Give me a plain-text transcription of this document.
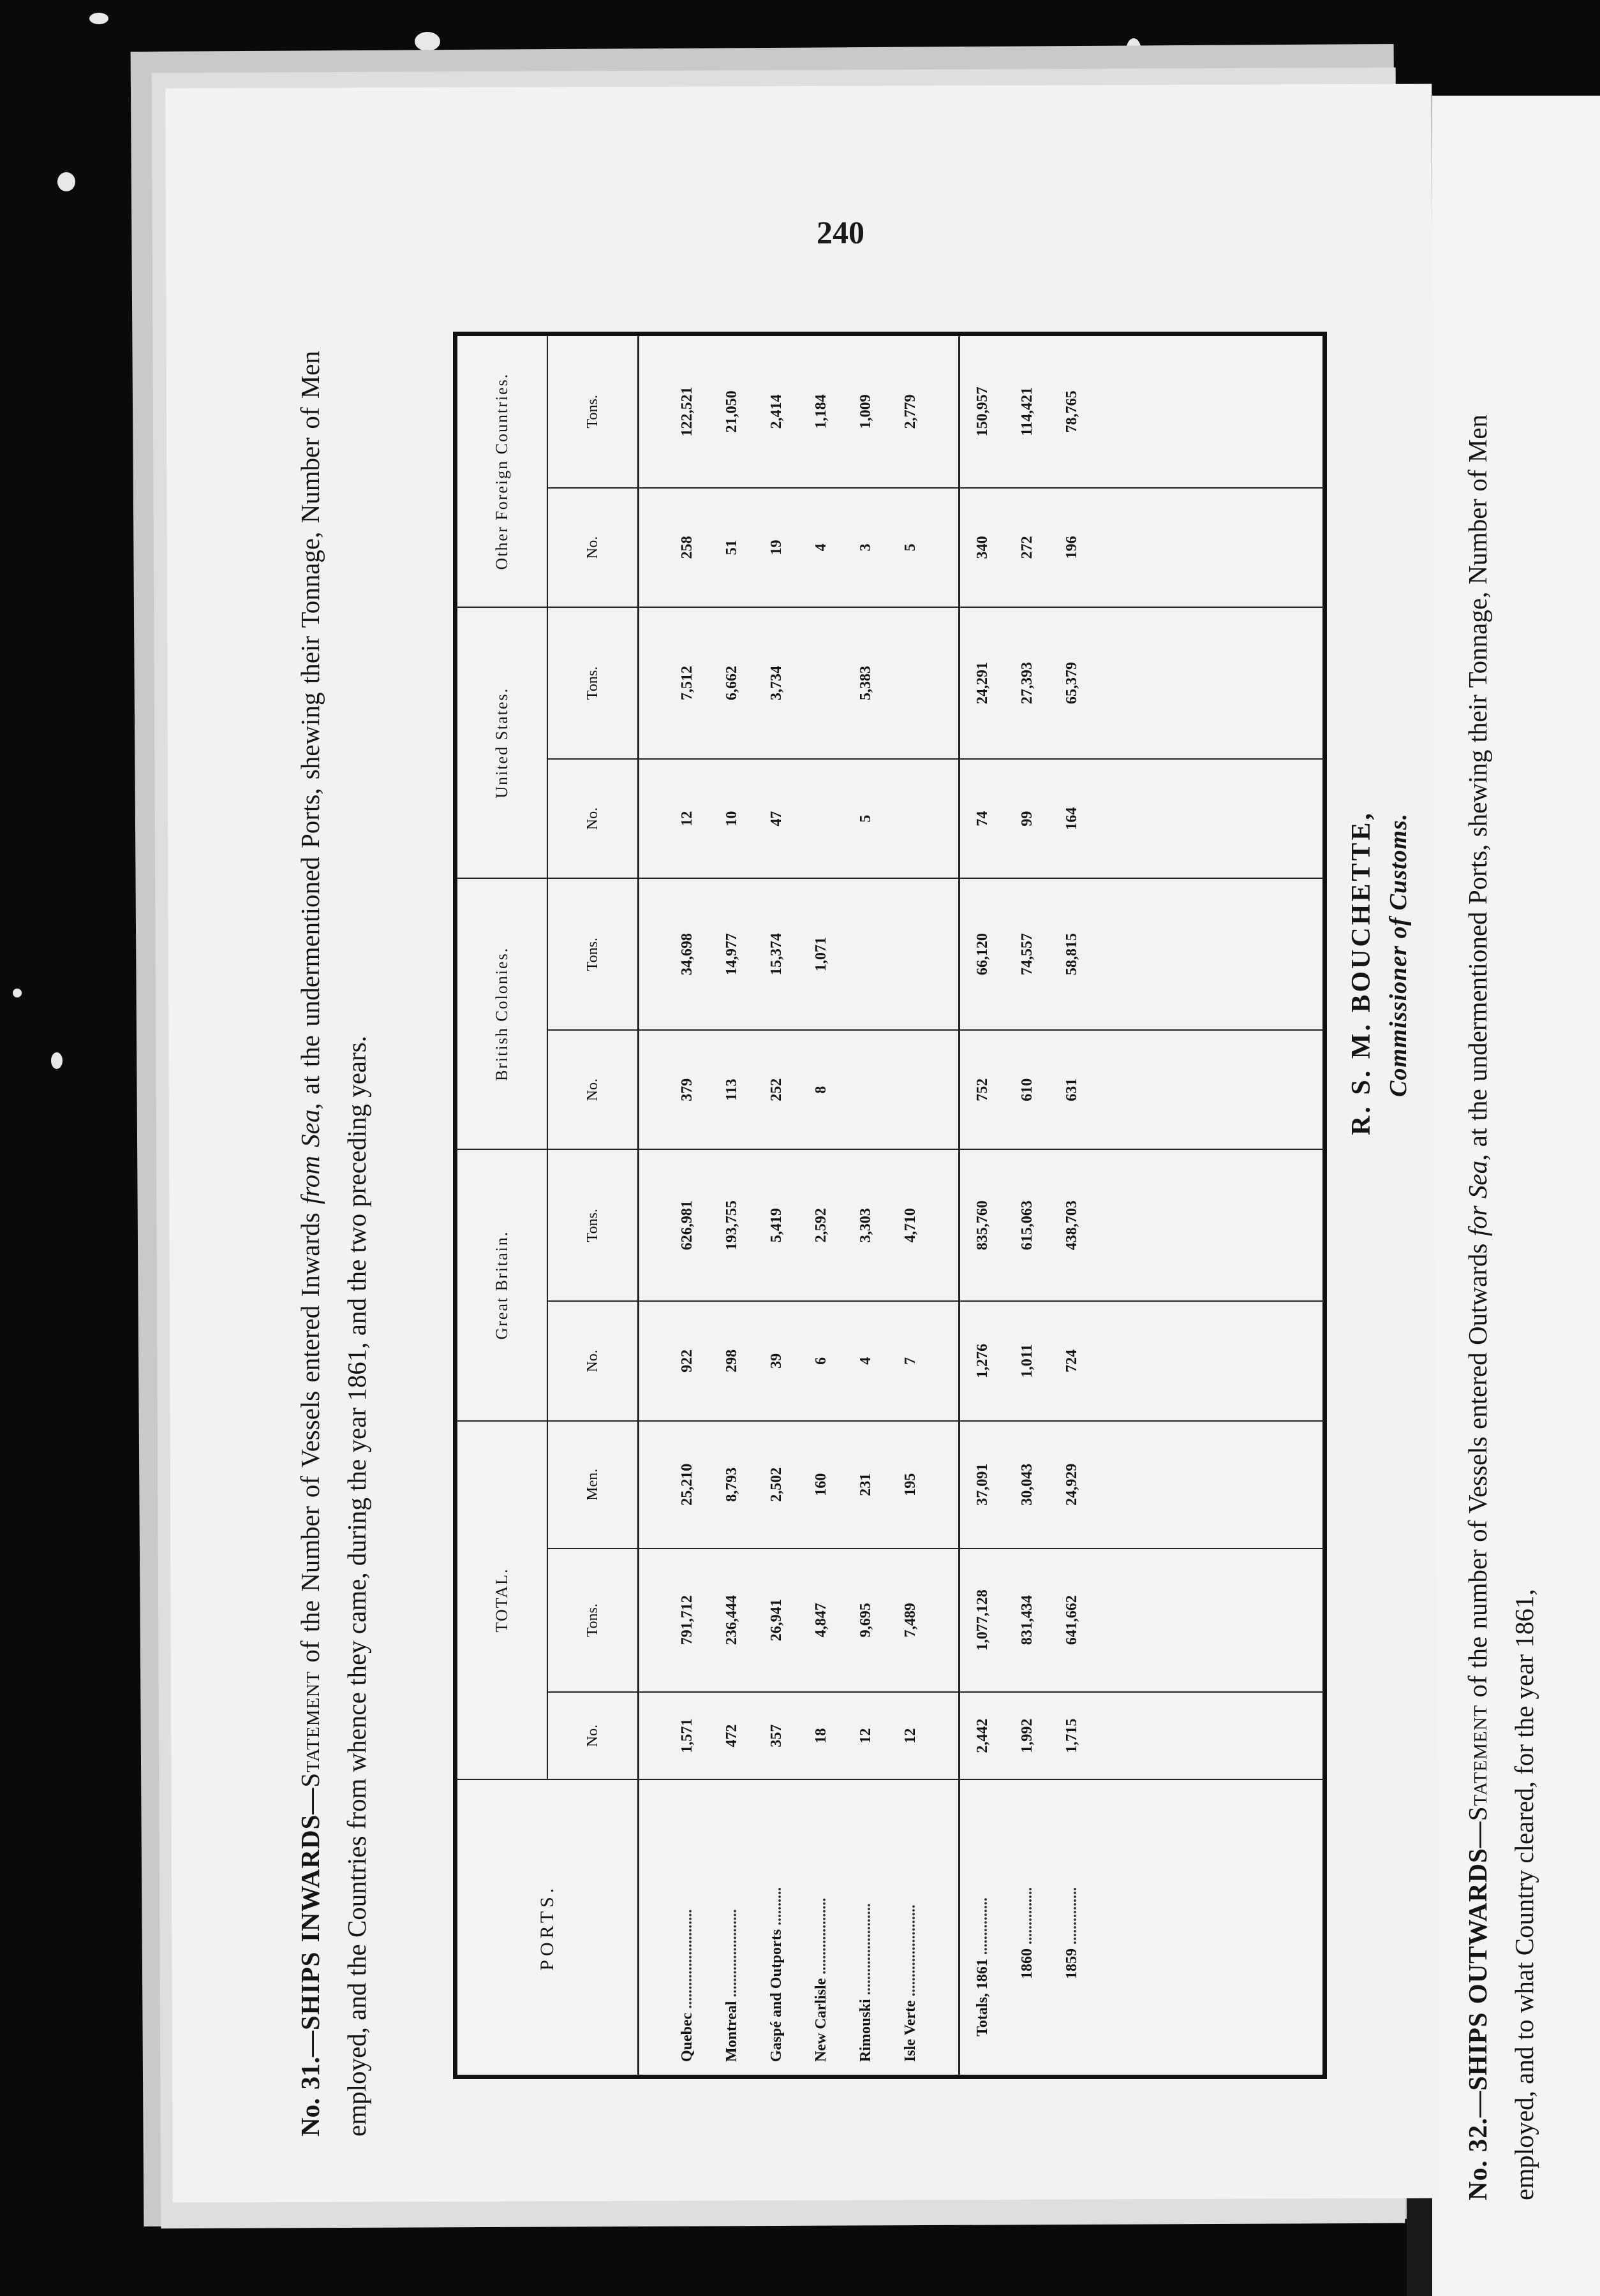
240
No. 31.—SHIPS INWARDS—Statement of the Number of Vessels entered Inwards from Sea, at the undermentioned Ports, shewing their Tonnage, Number of Men employed, and the Countries from whence they came, during the year 1861, and the two preceding years.	PORTS.	TOTAL.			Great Britain.		British Colonies.		United States.		Other Foreign Countries.	
	No.	Tons.	Men.	No.	Tons.	No.	Tons.	No.	Tons.	No.	Tons.

Quebec ..........................	1,571	791,712	25,210	922	626,981	379	34,698	12	7,512	258	122,521
Montreal .......................	472	236,444	8,793	298	193,755	113	14,977	10	6,662	51	21,050
Gaspé and Outports ..........	357	26,941	2,502	39	5,419	252	15,374	47	3,734	19	2,414
New Carlisle ....................	18	4,847	160	6	2,592	8	1,071			4	1,184
Rimouski ........................	12	9,695	231	4	3,303			5	5,383	3	1,009
Isle Verte ........................	12	7,489	195	7	4,710					5	2,779

Totals, 1861 ...............	2,442	1,077,128	37,091	1,276	835,760	752	66,120	74	24,291	340	150,957
1860 ...............	1,992	831,434	30,043	1,011	615,063	610	74,557	99	27,393	272	114,421
1859 ...............	1,715	641,662	24,929	724	438,703	631	58,815	164	65,379	196	78,765

R. S. M. BOUCHETTE, Commissioner of Customs.
No. 32.—SHIPS OUTWARDS—Statement of the number of Vessels entered Outwards for Sea, at the undermentioned Ports, shewing their Tonnage, Number of Men employed, and to what Country cleared, for the year 1861,
